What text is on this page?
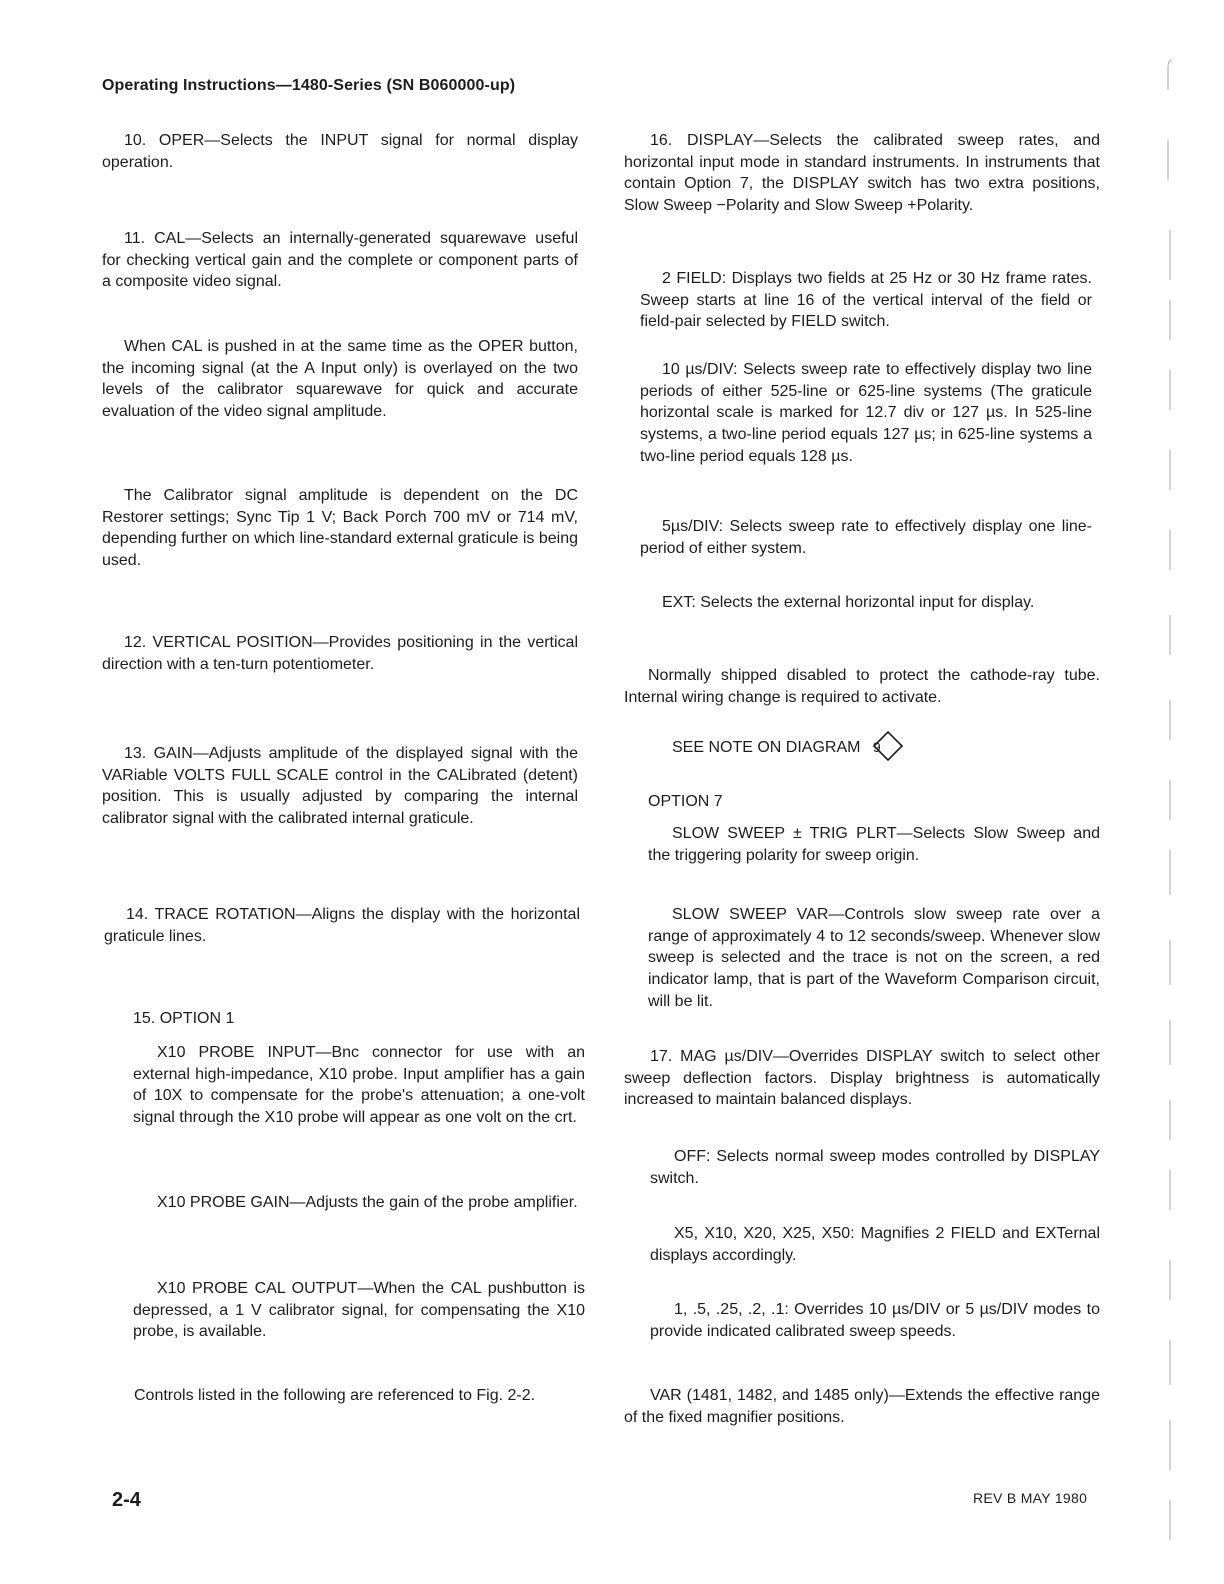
Operating Instructions—1480-Series (SN B060000-up)

10. OPER—Selects the INPUT signal for normal display operation.

11. CAL—Selects an internally-generated squarewave useful for checking vertical gain and the complete or component parts of a composite video signal.

When CAL is pushed in at the same time as the OPER button, the incoming signal (at the A Input only) is overlayed on the two levels of the calibrator squarewave for quick and accurate evaluation of the video signal amplitude.

The Calibrator signal amplitude is dependent on the DC Restorer settings; Sync Tip 1 V; Back Porch 700 mV or 714 mV, depending further on which line-standard external graticule is being used.

12. VERTICAL POSITION—Provides positioning in the vertical direction with a ten-turn potentiometer.

13. GAIN—Adjusts amplitude of the displayed signal with the VARiable VOLTS FULL SCALE control in the CALibrated (detent) position. This is usually adjusted by comparing the internal calibrator signal with the calibrated internal graticule.

14. TRACE ROTATION—Aligns the display with the horizontal graticule lines.

15. OPTION 1

X10 PROBE INPUT—Bnc connector for use with an external high-impedance, X10 probe. Input amplifier has a gain of 10X to compensate for the probe's attenuation; a one-volt signal through the X10 probe will appear as one volt on the crt.

X10 PROBE GAIN—Adjusts the gain of the probe amplifier.

X10 PROBE CAL OUTPUT—When the CAL pushbutton is depressed, a 1 V calibrator signal, for compensating the X10 probe, is available.

Controls listed in the following are referenced to Fig. 2-2.

16. DISPLAY—Selects the calibrated sweep rates, and horizontal input mode in standard instruments. In instruments that contain Option 7, the DISPLAY switch has two extra positions, Slow Sweep −Polarity and Slow Sweep +Polarity.

2 FIELD: Displays two fields at 25 Hz or 30 Hz frame rates. Sweep starts at line 16 of the vertical interval of the field or field-pair selected by FIELD switch.

10 µs/DIV: Selects sweep rate to effectively display two line periods of either 525-line or 625-line systems (The graticule horizontal scale is marked for 12.7 div or 127 µs. In 525-line systems, a two-line period equals 127 µs; in 625-line systems a two-line period equals 128 µs.

5µs/DIV: Selects sweep rate to effectively display one line-period of either system.

EXT: Selects the external horizontal input for display.

Normally shipped disabled to protect the cathode-ray tube. Internal wiring change is required to activate.

SEE NOTE ON DIAGRAM 9

OPTION 7

SLOW SWEEP ± TRIG PLRT—Selects Slow Sweep and the triggering polarity for sweep origin.

SLOW SWEEP VAR—Controls slow sweep rate over a range of approximately 4 to 12 seconds/sweep. Whenever slow sweep is selected and the trace is not on the screen, a red indicator lamp, that is part of the Waveform Comparison circuit, will be lit.

17. MAG µs/DIV—Overrides DISPLAY switch to select other sweep deflection factors. Display brightness is automatically increased to maintain balanced displays.

OFF: Selects normal sweep modes controlled by DISPLAY switch.

X5, X10, X20, X25, X50: Magnifies 2 FIELD and EXTernal displays accordingly.

1, .5, .25, .2, .1: Overrides 10 µs/DIV or 5 µs/DIV modes to provide indicated calibrated sweep speeds.

VAR (1481, 1482, and 1485 only)—Extends the effective range of the fixed magnifier positions.

2-4	REV B MAY 1980
